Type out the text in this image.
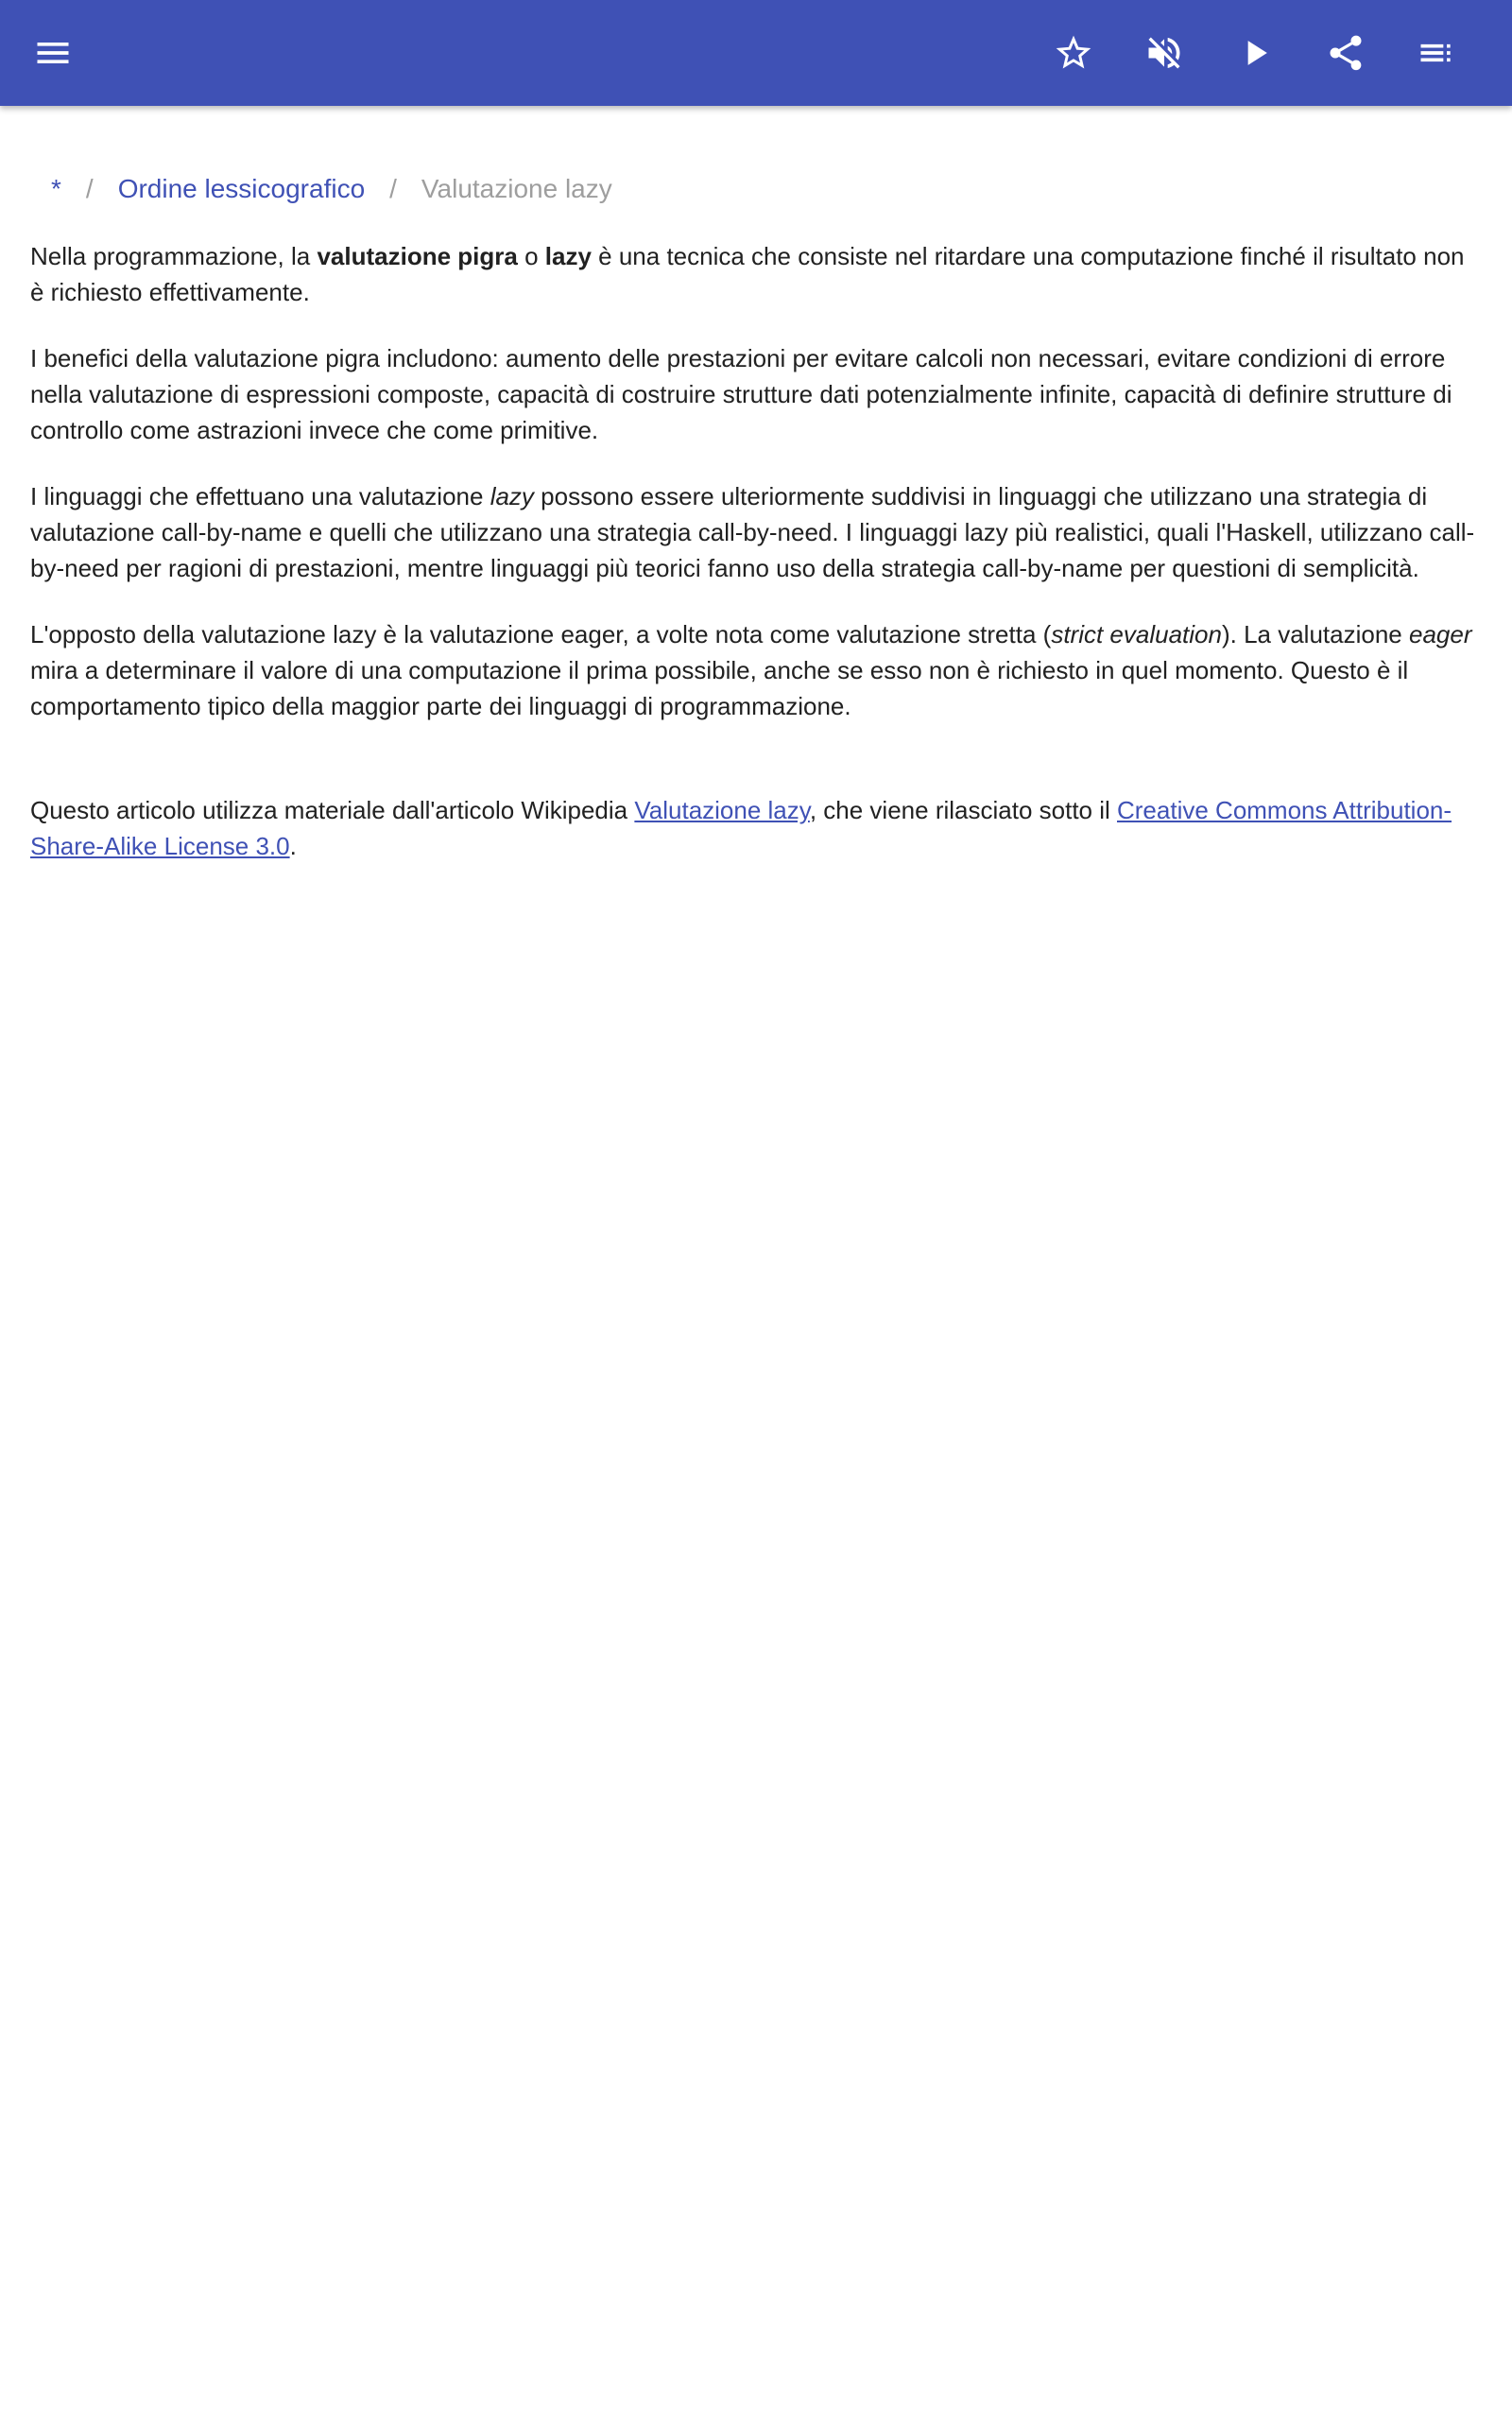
* / Ordine lessicografico / Valutazione lazy

Nella programmazione, la valutazione pigra o lazy è una tecnica che consiste nel ritardare una computazione finché il risultato non è richiesto effettivamente.

I benefici della valutazione pigra includono: aumento delle prestazioni per evitare calcoli non necessari, evitare condizioni di errore nella valutazione di espressioni composte, capacità di costruire strutture dati potenzialmente infinite, capacità di definire strutture di controllo come astrazioni invece che come primitive.

I linguaggi che effettuano una valutazione lazy possono essere ulteriormente suddivisi in linguaggi che utilizzano una strategia di valutazione call-by-name e quelli che utilizzano una strategia call-by-need. I linguaggi lazy più realistici, quali l'Haskell, utilizzano call-by-need per ragioni di prestazioni, mentre linguaggi più teorici fanno uso della strategia call-by-name per questioni di semplicità.

L'opposto della valutazione lazy è la valutazione eager, a volte nota come valutazione stretta (strict evaluation). La valutazione eager mira a determinare il valore di una computazione il prima possibile, anche se esso non è richiesto in quel momento. Questo è il comportamento tipico della maggior parte dei linguaggi di programmazione.

Questo articolo utilizza materiale dall'articolo Wikipedia Valutazione lazy, che viene rilasciato sotto il Creative Commons Attribution-Share-Alike License 3.0.
